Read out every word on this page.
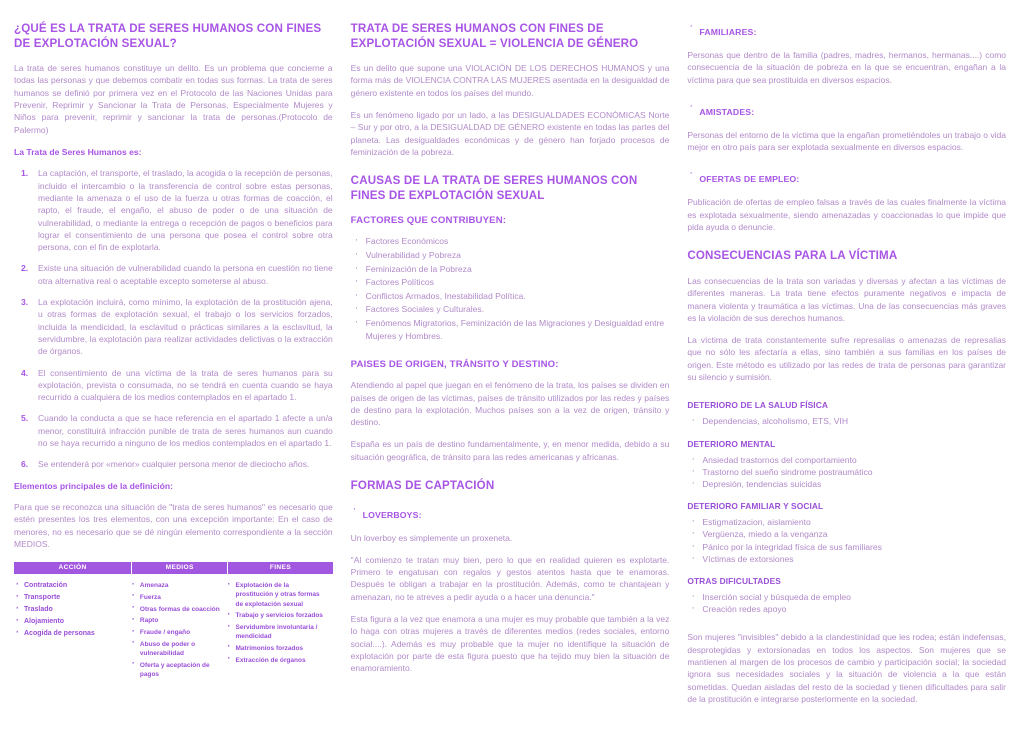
¿QUÉ ES LA TRATA DE SERES HUMANOS CON FINES DE EXPLOTACIÓN SEXUAL?

La trata de seres humanos constituye un delito. Es un problema que concierne a todas las personas y que debemos combatir en todas sus formas. La trata de seres humanos se definió por primera vez en el Protocolo de las Naciones Unidas para Prevenir, Reprimir y Sancionar la Trata de Personas, Especialmente Mujeres y Niños para prevenir, reprimir y sancionar la trata de personas.(Protocolo de Palermo)

La Trata de Seres Humanos es:
La captación, el transporte, el traslado, la acogida o la recepción de personas, incluido el intercambio o la transferencia de control sobre estas personas, mediante la amenaza o el uso de la fuerza u otras formas de coacción, el rapto, el fraude, el engaño, el abuso de poder o de una situación de vulnerabilidad, o mediante la entrega o recepción de pagos o beneficios para lograr el consentimiento de una persona que posea el control sobre otra persona, con el fin de explotarla.
Existe una situación de vulnerabilidad cuando la persona en cuestión no tiene otra alternativa real o aceptable excepto someterse al abuso.
La explotación incluirá, como mínimo, la explotación de la prostitución ajena, u otras formas de explotación sexual, el trabajo o los servicios forzados, incluida la mendicidad, la esclavitud o prácticas similares a la esclavitud, la servidumbre, la explotación para realizar actividades delictivas o la extracción de órganos.
El consentimiento de una víctima de la trata de seres humanos para su explotación, prevista o consumada, no se tendrá en cuenta cuando se haya recurrido a cualquiera de los medios contemplados en el apartado 1.
Cuando la conducta a que se hace referencia en el apartado 1 afecte a un/a menor, constituirá infracción punible de trata de seres humanos aun cuando no se haya recurrido a ninguno de los medios contemplados en el apartado 1.
Se entenderá por «menor» cualquier persona menor de dieciocho años.
Elementos principales de la definición:

Para que se reconozca una situación de "trata de seres humanos" es necesario que estén presentes los tres elementos, con una excepción importante: En el caso de menores, no es necesario que se dé ningún elemento correspondiente a la sección MEDIOS.

ACCIÓN	MEDIOS	FINES
· Contratación
· Transporte
· Traslado
· Alojamiento
· Acogida de personas
· Amenaza
· Fuerza
· Otras formas de coacción
· Rapto
· Fraude / engaño
· Abuso de poder o vulnerabilidad
· Oferta y aceptación de pagos
· Explotación de la prostitución y otras formas de explotación sexual
· Trabajo y servicios forzados
· Servidumbre involuntaria / mendicidad
· Matrimonios forzados
· Extracción de órganos
TRATA DE SERES HUMANOS CON FINES DE EXPLOTACIÓN SEXUAL = VIOLENCIA DE GÉNERO

Es un delito que supone una VIOLACIÓN DE LOS DERECHOS HUMANOS y una forma más de VIOLENCIA CONTRA LAS MUJERES asentada en la desigualdad de género existente en todos los países del mundo.

Es un fenómeno ligado por un lado, a las DESIGUALDADES ECONÓMICAS Norte – Sur y por otro, a la DESIGUALDAD DE GÉNERO existente en todas las partes del planeta. Las desigualdades económicas y de género han forjado procesos de feminización de la pobreza.

CAUSAS DE LA TRATA DE SERES HUMANOS CON FINES DE EXPLOTACIÓN SEXUAL
FACTORES QUE CONTRIBUYEN:
· Factores Económicos
· Vulnerabilidad y Pobreza
· Feminización de la Pobreza
· Factores Políticos
· Conflictos Armados, Inestabilidad Política.
· Factores Sociales y Culturales.
· Fenómenos Migratorios, Feminización de las Migraciones y Desigualdad entre Mujeres y Hombres.
PAISES DE ORIGEN, TRÁNSITO Y DESTINO:

Atendiendo al papel que juegan en el fenómeno de la trata, los países se dividen en países de origen de las víctimas, países de tránsito utilizados por las redes y países de destino para la explotación. Muchos países son a la vez de origen, tránsito y destino.

España es un país de destino fundamentalmente, y, en menor medida, debido a su situación geográfica, de tránsito para las redes americanas y africanas.

FORMAS DE CAPTACIÓN
· LOVERBOYS:

Un loverboy es simplemente un proxeneta.

"Al comienzo te tratan muy bien, pero lo que en realidad quieren es explotarte. Primero te engatusan con regalos y gestos atentos hasta que te enamoras. Después te obligan a trabajar en la prostitución. Además, como te chantajean y amenazan, no te atreves a pedir ayuda o a hacer una denuncia."

Esta figura a la vez que enamora a una mujer es muy probable que también a la vez lo haga con otras mujeres a través de diferentes medios (redes sociales, entorno social....). Además es muy probable que la mujer no identifique la situación de explotación por parte de esta figura puesto que ha tejido muy bien la situación de enamoramiento.

· FAMILIARES:

Personas que dentro de la familia (padres, madres, hermanos, hermanas....) como consecuencia de la situación de pobreza en la que se encuentran, engañan a la víctima para que sea prostituida en diversos espacios.

· AMISTADES:

Personas del entorno de la víctima que la engañan prometiéndoles un trabajo o vida mejor en otro país para ser explotada sexualmente en diversos espacios.

· OFERTAS DE EMPLEO:

Publicación de ofertas de empleo falsas a través de las cuales finalmente la víctima es explotada sexualmente, siendo amenazadas y coaccionadas lo que impide que pida ayuda o denuncie.

CONSECUENCIAS PARA LA VÍCTIMA

Las consecuencias de la trata son variadas y diversas y afectan a las víctimas de diferentes maneras. La trata tiene efectos puramente negativos e impacta de manera violenta y traumática a las víctimas. Una de las consecuencias más graves es la violación de sus derechos humanos.

La víctima de trata constantemente sufre represalias o amenazas de represalias que no sólo les afectaría a ellas, sino también a sus familias en los países de origen. Este método es utilizado por las redes de trata de personas para garantizar su silencio y sumisión.

DETERIORO DE LA SALUD FÍSICA
· Dependencias, alcoholismo, ETS, VIH
DETERIORO MENTAL
· Ansiedad trastornos del comportamiento
· Trastorno del sueño sindrome postraumático
· Depresión, tendencias suicidas
DETERIORO FAMILIAR Y SOCIAL
· Estigmatizacion, aislamiento
· Vergüenza, miedo a la venganza
· Pánico por la integridad física de sus familiares
· Víctimas de extorsiones
OTRAS DIFICULTADES
· Inserción social y búsqueda de empleo
· Creación redes apoyo

Son mujeres "invisibles" debido a la clandestinidad que les rodea; están indefensas, desprotegidas y extorsionadas en todos los aspectos. Son mujeres que se mantienen al margen de los procesos de cambio y participación social; la sociedad ignora sus necesidades sociales y la situación de violencia a la que están sometidas. Quedan aisladas del resto de la sociedad y tienen dificultades para salir de la prostitución e integrarse posteriormente en la sociedad.
